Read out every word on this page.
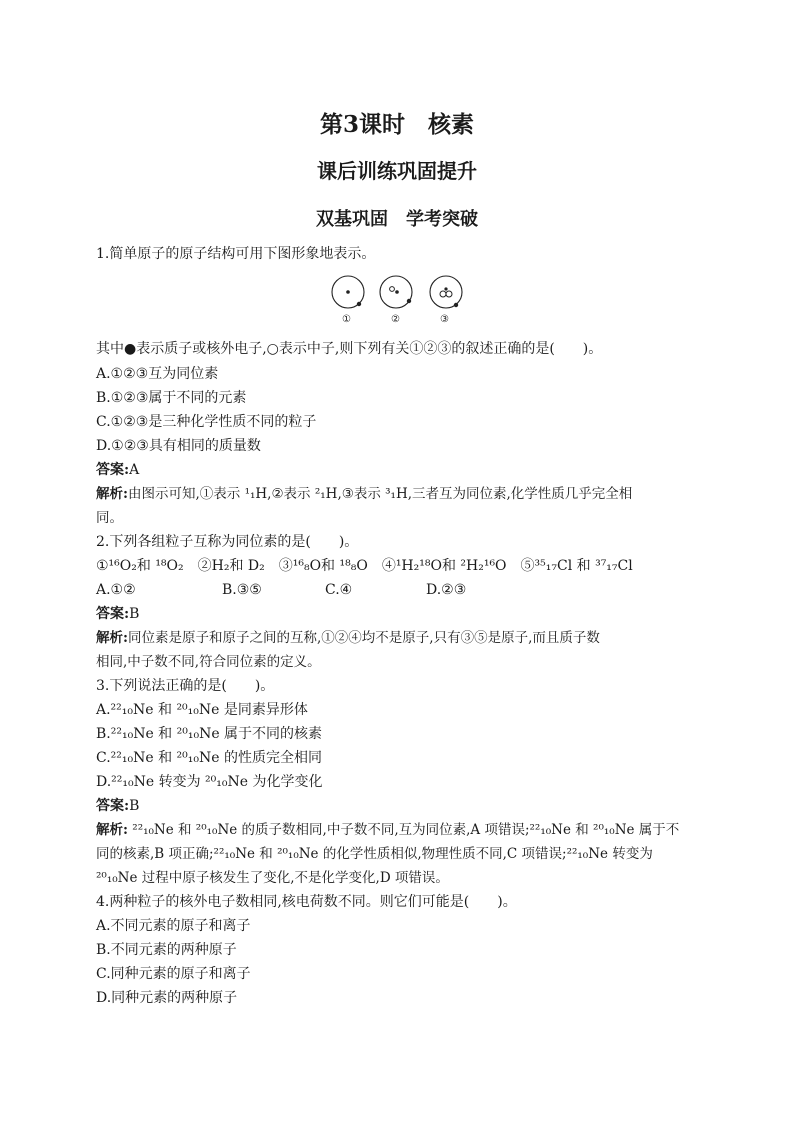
第3课时　核素
课后训练巩固提升
双基巩固　学考突破
1.简单原子的原子结构可用下图形象地表示。
①	②	③
其中●表示质子或核外电子,○表示中子,则下列有关①②③的叙述正确的是(　　)。
A.①②③互为同位素
B.①②③属于不同的元素
C.①②③是三种化学性质不同的粒子
D.①②③具有相同的质量数
答案:A
解析:由图示可知,①表示 ¹₁H,②表示 ²₁H,③表示 ³₁H,三者互为同位素,化学性质几乎完全相
同。
2.下列各组粒子互称为同位素的是(　　)。
①¹⁶O₂和 ¹⁸O₂　②H₂和 D₂　③¹⁶₈O和 ¹⁸₈O　④¹H₂¹⁸O和 ²H₂¹⁶O　⑤³⁵₁₇Cl 和 ³⁷₁₇Cl
A.①②	B.③⑤	C.④	D.②③
答案:B
解析:同位素是原子和原子之间的互称,①②④均不是原子,只有③⑤是原子,而且质子数
相同,中子数不同,符合同位素的定义。
3.下列说法正确的是(　　)。
A.²²₁₀Ne 和 ²⁰₁₀Ne 是同素异形体
B.²²₁₀Ne 和 ²⁰₁₀Ne 属于不同的核素
C.²²₁₀Ne 和 ²⁰₁₀Ne 的性质完全相同
D.²²₁₀Ne 转变为 ²⁰₁₀Ne 为化学变化
答案:B
解析: ²²₁₀Ne 和 ²⁰₁₀Ne 的质子数相同,中子数不同,互为同位素,A 项错误;²²₁₀Ne 和 ²⁰₁₀Ne 属于不
同的核素,B 项正确;²²₁₀Ne 和 ²⁰₁₀Ne 的化学性质相似,物理性质不同,C 项错误;²²₁₀Ne 转变为
²⁰₁₀Ne 过程中原子核发生了变化,不是化学变化,D 项错误。
4.两种粒子的核外电子数相同,核电荷数不同。则它们可能是(　　)。
A.不同元素的原子和离子
B.不同元素的两种原子
C.同种元素的原子和离子
D.同种元素的两种原子
